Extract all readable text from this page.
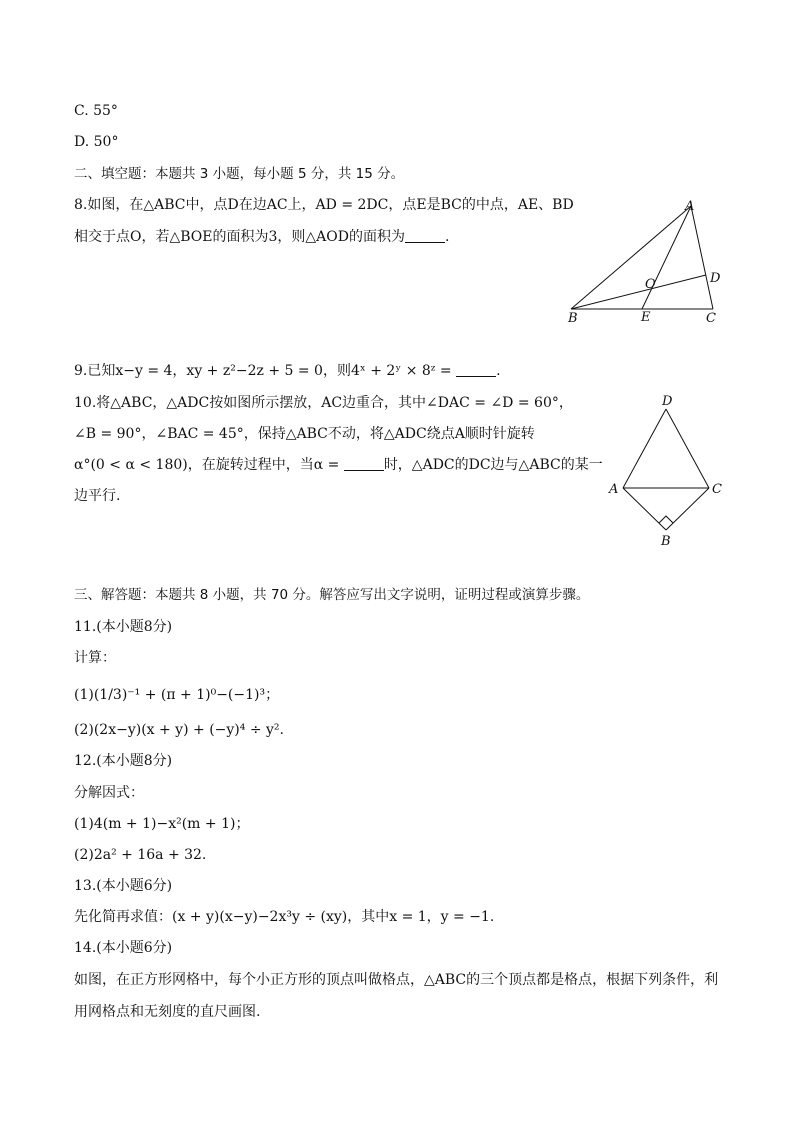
C. 55°
D. 50°
二、填空题：本题共 3 小题，每小题 5 分，共 15 分。
8.如图，在△ABC中，点D在边AC上，AD = 2DC，点E是BC的中点，AE、BD
相交于点O，若△BOE的面积为3，则△AOD的面积为	.
A
D
O
B	E	C
9.已知x−y = 4，xy + z²−2z + 5 = 0，则4ˣ + 2ʸ × 8ᶻ =	.
10.将△ABC，△ADC按如图所示摆放，AC边重合，其中∠DAC = ∠D = 60°，
∠B = 90°，∠BAC = 45°，保持△ABC不动，将△ADC绕点A顺时针旋转
α°(0 < α < 180)，在旋转过程中，当α =	时，△ADC的DC边与△ABC的某一
边平行.
D
A	C
B
三、解答题：本题共 8 小题，共 70 分。解答应写出文字说明，证明过程或演算步骤。
11.(本小题8分)
计算：
(1)(1/3)⁻¹ + (π + 1)⁰−(−1)³；
(2)(2x−y)(x + y) + (−y)⁴ ÷ y².
12.(本小题8分)
分解因式：
(1)4(m + 1)−x²(m + 1)；
(2)2a² + 16a + 32.
13.(本小题6分)
先化简再求值：(x + y)(x−y)−2x³y ÷ (xy)，其中x = 1，y = −1.
14.(本小题6分)
如图，在正方形网格中，每个小正方形的顶点叫做格点，△ABC的三个顶点都是格点，根据下列条件，利
用网格点和无刻度的直尺画图.
